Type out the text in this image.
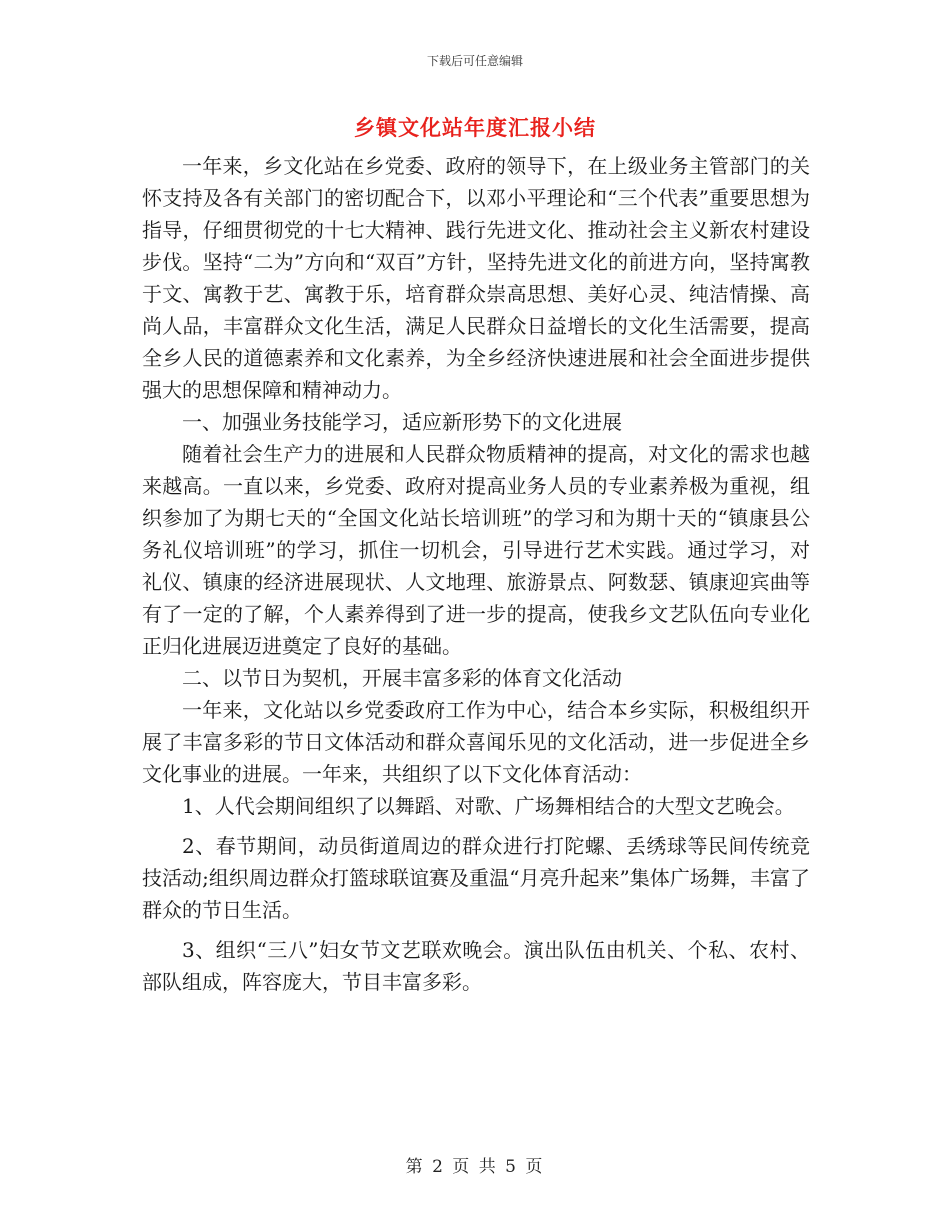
下载后可任意编辑
乡镇文化站年度汇报小结

一年来，乡文化站在乡党委、政府的领导下，在上级业务主管部门的关怀支持及各有关部门的密切配合下，以邓小平理论和“三个代表”重要思想为指导，仔细贯彻党的十七大精神、践行先进文化、推动社会主义新农村建设步伐。坚持“二为”方向和“双百”方针，坚持先进文化的前进方向，坚持寓教于文、寓教于艺、寓教于乐，培育群众崇高思想、美好心灵、纯洁情操、高尚人品，丰富群众文化生活，满足人民群众日益增长的文化生活需要，提高全乡人民的道德素养和文化素养，为全乡经济快速进展和社会全面进步提供强大的思想保障和精神动力。

一、加强业务技能学习，适应新形势下的文化进展

随着社会生产力的进展和人民群众物质精神的提高，对文化的需求也越来越高。一直以来，乡党委、政府对提高业务人员的专业素养极为重视，组织参加了为期七天的“全国文化站长培训班”的学习和为期十天的“镇康县公务礼仪培训班”的学习，抓住一切机会，引导进行艺术实践。通过学习，对礼仪、镇康的经济进展现状、人文地理、旅游景点、阿数瑟、镇康迎宾曲等有了一定的了解，个人素养得到了进一步的提高，使我乡文艺队伍向专业化正归化进展迈进奠定了良好的基础。

二、以节日为契机，开展丰富多彩的体育文化活动

一年来，文化站以乡党委政府工作为中心，结合本乡实际，积极组织开展了丰富多彩的节日文体活动和群众喜闻乐见的文化活动，进一步促进全乡文化事业的进展。一年来，共组织了以下文化体育活动：

1、人代会期间组织了以舞蹈、对歌、广场舞相结合的大型文艺晚会。

2、春节期间，动员街道周边的群众进行打陀螺、丢绣球等民间传统竞技活动;组织周边群众打篮球联谊赛及重温“月亮升起来”集体广场舞，丰富了群众的节日生活。

3、组织“三八”妇女节文艺联欢晚会。演出队伍由机关、个私、农村、部队组成，阵容庞大，节目丰富多彩。

第 2 页 共 5 页
